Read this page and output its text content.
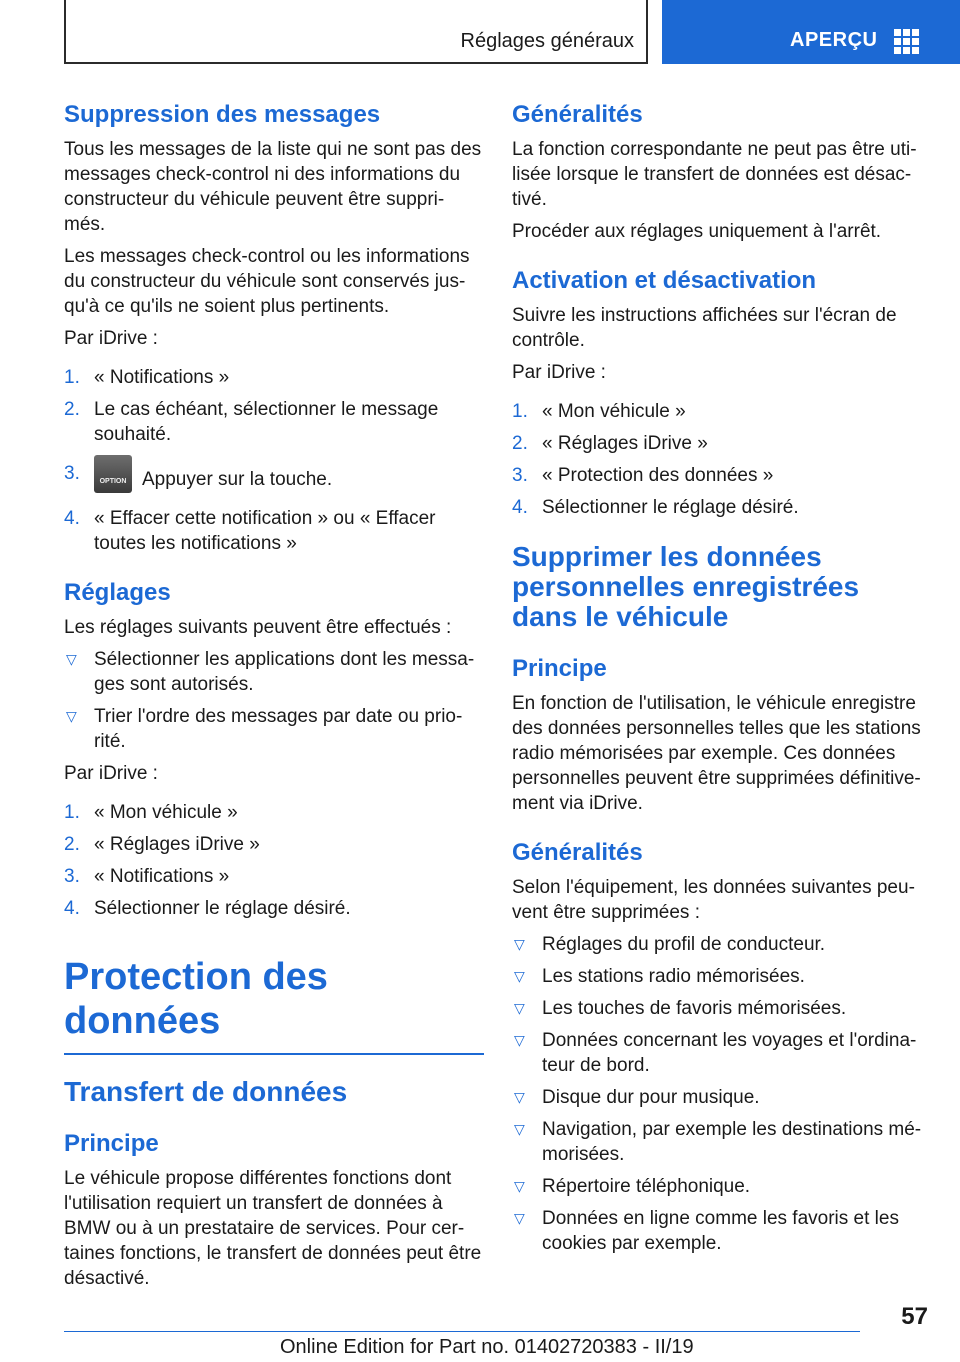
Réglages généraux	APERÇU
Suppression des messages

Tous les messages de la liste qui ne sont pas des messages check-control ni des informations du constructeur du véhicule peuvent être suppri‐més.

Les messages check-control ou les informations du constructeur du véhicule sont conservés jus‐qu'à ce qu'ils ne soient plus pertinents.

Par iDrive :

1. « Notifications »
2. Le cas échéant, sélectionner le message souhaité.
3.	OPTION Appuyer sur la touche.
4. « Effacer cette notification » ou « Effacer toutes les notifications »
Réglages

Les réglages suivants peuvent être effectués :

▽ Sélectionner les applications dont les messa‐ges sont autorisés.
▽ Trier l'ordre des messages par date ou prio‐rité.

Par iDrive :

1. « Mon véhicule »
2. « Réglages iDrive »
3. « Notifications »
4. Sélectionner le réglage désiré.
Protection des données
Transfert de données
Principe

Le véhicule propose différentes fonctions dont l'utilisation requiert un transfert de données à BMW ou à un prestataire de services. Pour cer‐taines fonctions, le transfert de données peut être désactivé.

Généralités

La fonction correspondante ne peut pas être uti‐lisée lorsque le transfert de données est désac‐tivé.

Procéder aux réglages uniquement à l'arrêt.

Activation et désactivation

Suivre les instructions affichées sur l'écran de contrôle.

Par iDrive :

1. « Mon véhicule »
2. « Réglages iDrive »
3. « Protection des données »
4. Sélectionner le réglage désiré.
Supprimer les données personnelles enregistrées dans le véhicule
Principe

En fonction de l'utilisation, le véhicule enregistre des données personnelles telles que les stations radio mémorisées par exemple. Ces données personnelles peuvent être supprimées définitive‐ment via iDrive.

Généralités

Selon l'équipement, les données suivantes peu‐vent être supprimées :

▽ Réglages du profil de conducteur.
▽ Les stations radio mémorisées.
▽ Les touches de favoris mémorisées.
▽ Données concernant les voyages et l'ordina‐teur de bord.
▽ Disque dur pour musique.
▽ Navigation, par exemple les destinations mé‐morisées.
▽ Répertoire téléphonique.
▽ Données en ligne comme les favoris et les cookies par exemple.
57
Online Edition for Part no. 01402720383 - II/19
